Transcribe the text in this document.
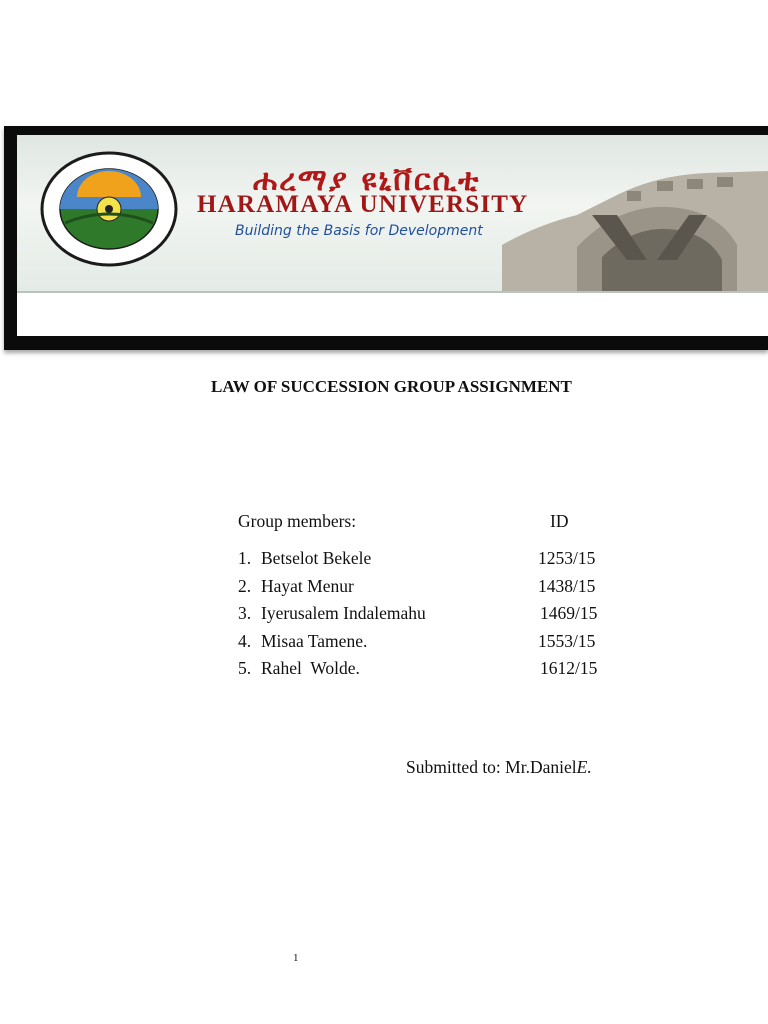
ሐረማያ ዩኒቨርሲቲ
HARAMAYA UNIVERSITY
Building the Basis for Development
LAW OF SUCCESSION GROUP ASSIGNMENT
Group members:	ID
1. Betselot Bekele	1253/15
2. Hayat Menur	1438/15
3. Iyerusalem Indalemahu	1469/15
4. Misaa Tamene.	1553/15
5. Rahel  Wolde.	1612/15
Submitted to: Mr.DanielE.
1
